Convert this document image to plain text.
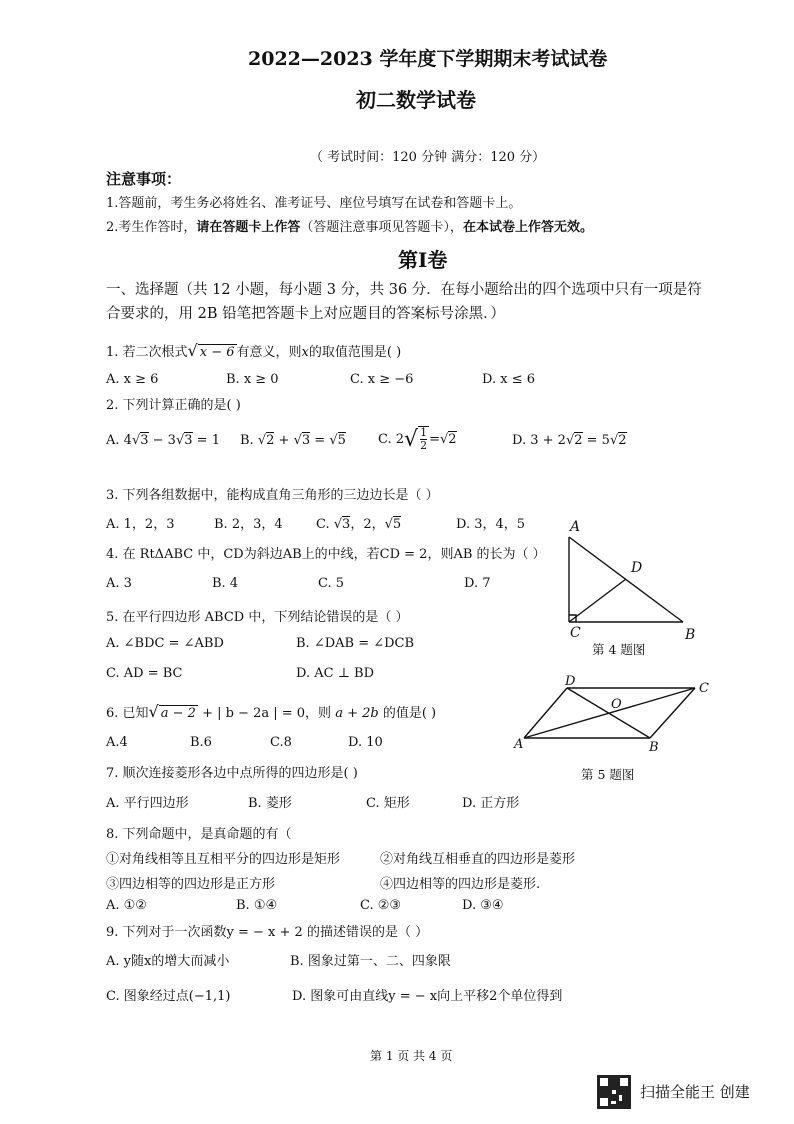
2022—2023 学年度下学期期末考试试卷
初二数学试卷
（ 考试时间：120 分钟 满分：120 分）
注意事项：
1.答题前，考生务必将姓名、准考证号、座位号填写在试卷和答题卡上。
2.考生作答时，请在答题卡上作答（答题注意事项见答题卡），在本试卷上作答无效。
第Ⅰ卷
一、选择题（共 12 小题，每小题 3 分，共 36 分．在每小题给出的四个选项中只有一项是符
合要求的，用 2B 铅笔把答题卡上对应题目的答案标号涂黑．）
1. 若二次根式√ x − 6 有意义，则x的取值范围是( )
A. x ≥ 6	B. x ≥ 0	C. x ≥ −6	D. x ≤ 6
2. 下列计算正确的是( )
A. 4√3 − 3√3 = 1 B. √2 + √3 = √5 C. 2 √ $\frac{1}{2}$ = √ 2	D. 3 + 2√2 = 5√2
3. 下列各组数据中，能构成直角三角形的三边边长是（ ）
A. 1，2，3	B. 2，3，4	C. √3，2，√5	D. 3，4，5
4. 在 RtΔABC 中，CD为斜边AB上的中线，若CD = 2，则AB 的长为（ ）
A. 3	B. 4	C. 5	D. 7
5. 在平行四边形 ABCD 中，下列结论错误的是（ ）
A. ∠BDC = ∠ABD	B. ∠DAB = ∠DCB
C. AD = BC	D. AC ⊥ BD
6. 已知√ a − 2 + | b − 2a | = 0，则 a + 2b 的值是( )
A.4	B.6	C.8	D. 10
7. 顺次连接菱形各边中点所得的四边形是( )
A. 平行四边形	B. 菱形	C. 矩形	D. 正方形
8. 下列命题中，是真命题的有（
①对角线相等且互相平分的四边形是矩形	②对角线互相垂直的四边形是菱形
③四边相等的四边形是正方形	④四边相等的四边形是菱形.
A. ①②	B. ①④	C. ②③	D. ③④
9. 下列对于一次函数y = − x + 2 的描述错误的是（ ）
A. y随x的增大而减小	B. 图象过第一、二、四象限
C. 图象经过点(−1,1)	D. 图象可由直线y = − x向上平移2个单位得到
A
D
C	B
第 4 题图
D	C
O
A	B
第 5 题图
第 1 页 共 4 页
扫描全能王 创建
